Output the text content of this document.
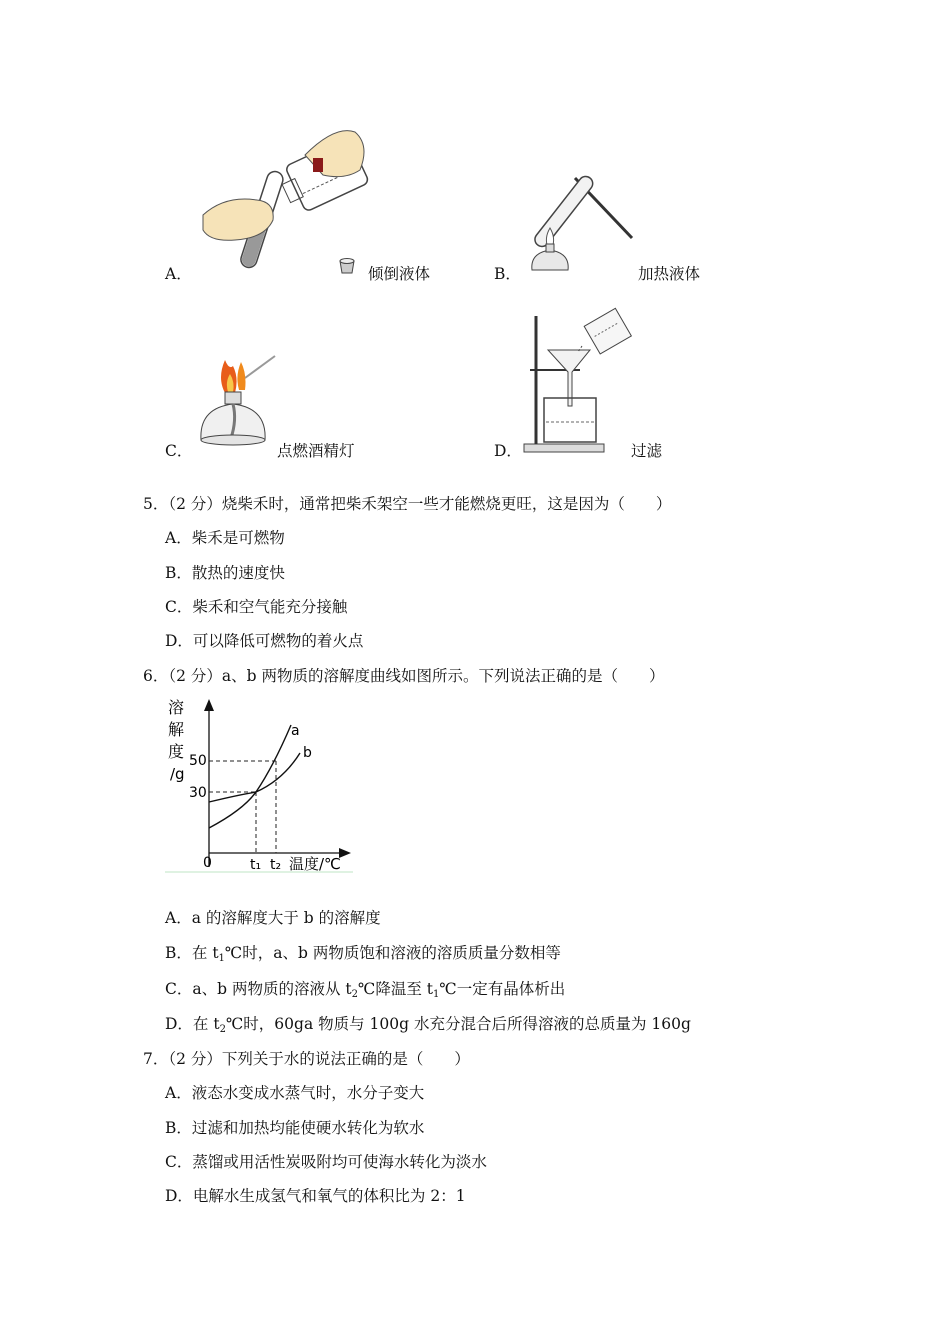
A．	倾倒液体	B．	加热液体
C．	点燃酒精灯	D．	过滤
5．（2 分）烧柴禾时，通常把柴禾架空一些才能燃烧更旺，这是因为（　　）
A．柴禾是可燃物
B．散热的速度快
C．柴禾和空气能充分接触
D．可以降低可燃物的着火点
6．（2 分）a、b 两物质的溶解度曲线如图所示。下列说法正确的是（　　）
溶
解
度
/g
50
30
0	t₁ t₂ 温度/℃
a
b
A．a 的溶解度大于 b 的溶解度
B．在 $t_1℃$时，a、b 两物质饱和溶液的溶质质量分数相等
C．a、b 两物质的溶液从 $t_2℃$降温至 $t_1℃$一定有晶体析出
D．在 $t_2℃$时，60ga 物质与 100g 水充分混合后所得溶液的总质量为 160g
7．（2 分）下列关于水的说法正确的是（　　）
A．液态水变成水蒸气时，水分子变大
B．过滤和加热均能使硬水转化为软水
C．蒸馏或用活性炭吸附均可使海水转化为淡水
D．电解水生成氢气和氧气的体积比为 2：1
